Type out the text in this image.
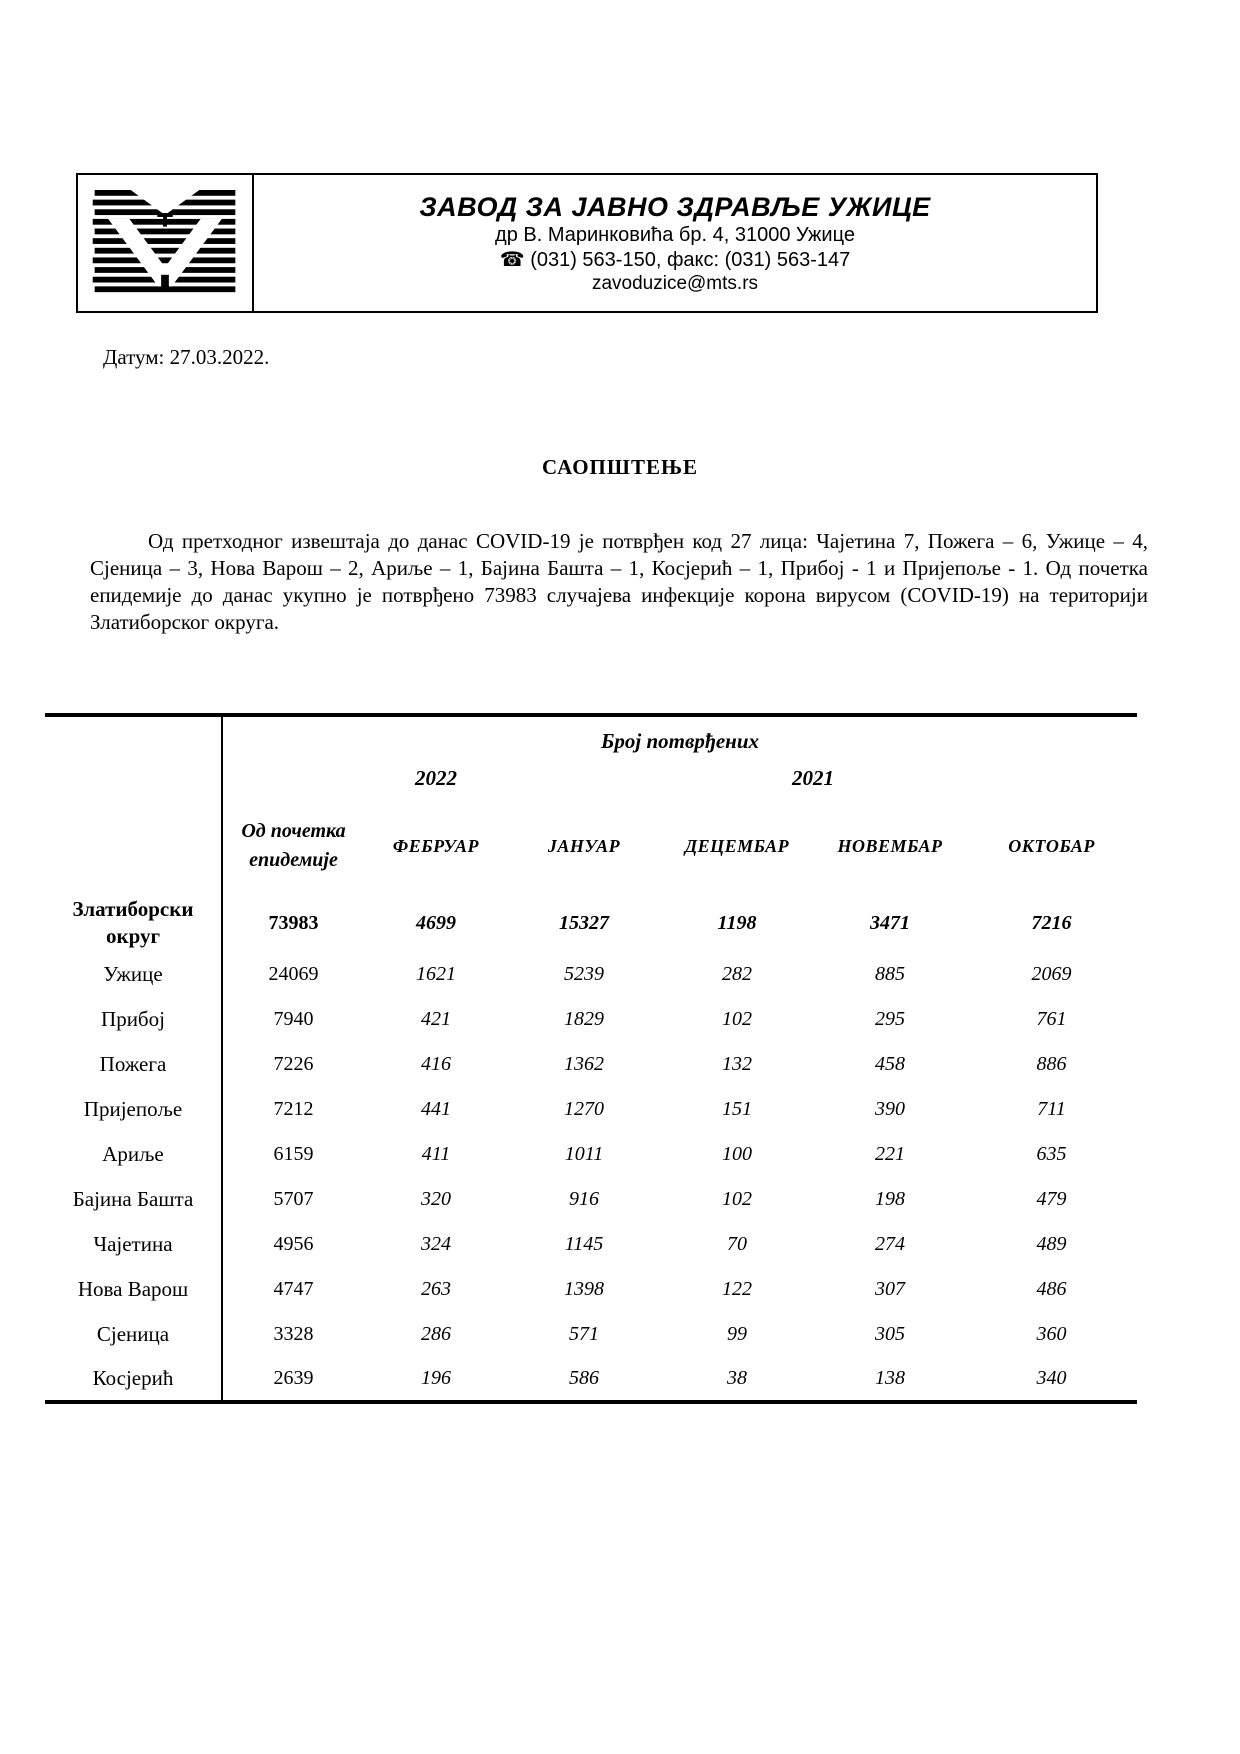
ЗАВОД ЗА ЈАВНО ЗДРАВЉЕ УЖИЦЕ
др В. Маринковића бр. 4, 31000 Ужице
☎ (031) 563-150, факс: (031) 563-147
zavoduzice@mts.rs
Датум: 27.03.2022.
САОПШТЕЊЕ

Од претходног извештаја до данас COVID-19 је потврђен код 27 лица: Чајетина 7, Пожега – 6, Ужице – 4, Сјеница – 3, Нова Варош – 2, Ариље – 1, Бајина Башта – 1, Косјерић – 1, Прибој - 1 и Пријепоље - 1. Од почетка епидемије до данас укупно је потврђено 73983 случајева инфекције корона вирусом (COVID-19) на територији Златиборског округа.

	Број потврђених					
		2022		2021		

	Од почетка епидемије	ФЕБРУАР	ЈАНУАР	ДЕЦЕМБАР	НОВЕМБАР	ОКТОБАР

Златиборски округ	73983	4699	15327	1198	3471	7216
Ужице	24069	1621	5239	282	885	2069
Прибој	7940	421	1829	102	295	761
Пожега	7226	416	1362	132	458	886
Пријепоље	7212	441	1270	151	390	711
Ариље	6159	411	1011	100	221	635
Бајина Башта	5707	320	916	102	198	479
Чајетина	4956	324	1145	70	274	489
Нова Варош	4747	263	1398	122	307	486
Сјеница	3328	286	571	99	305	360
Косјерић	2639	196	586	38	138	340
